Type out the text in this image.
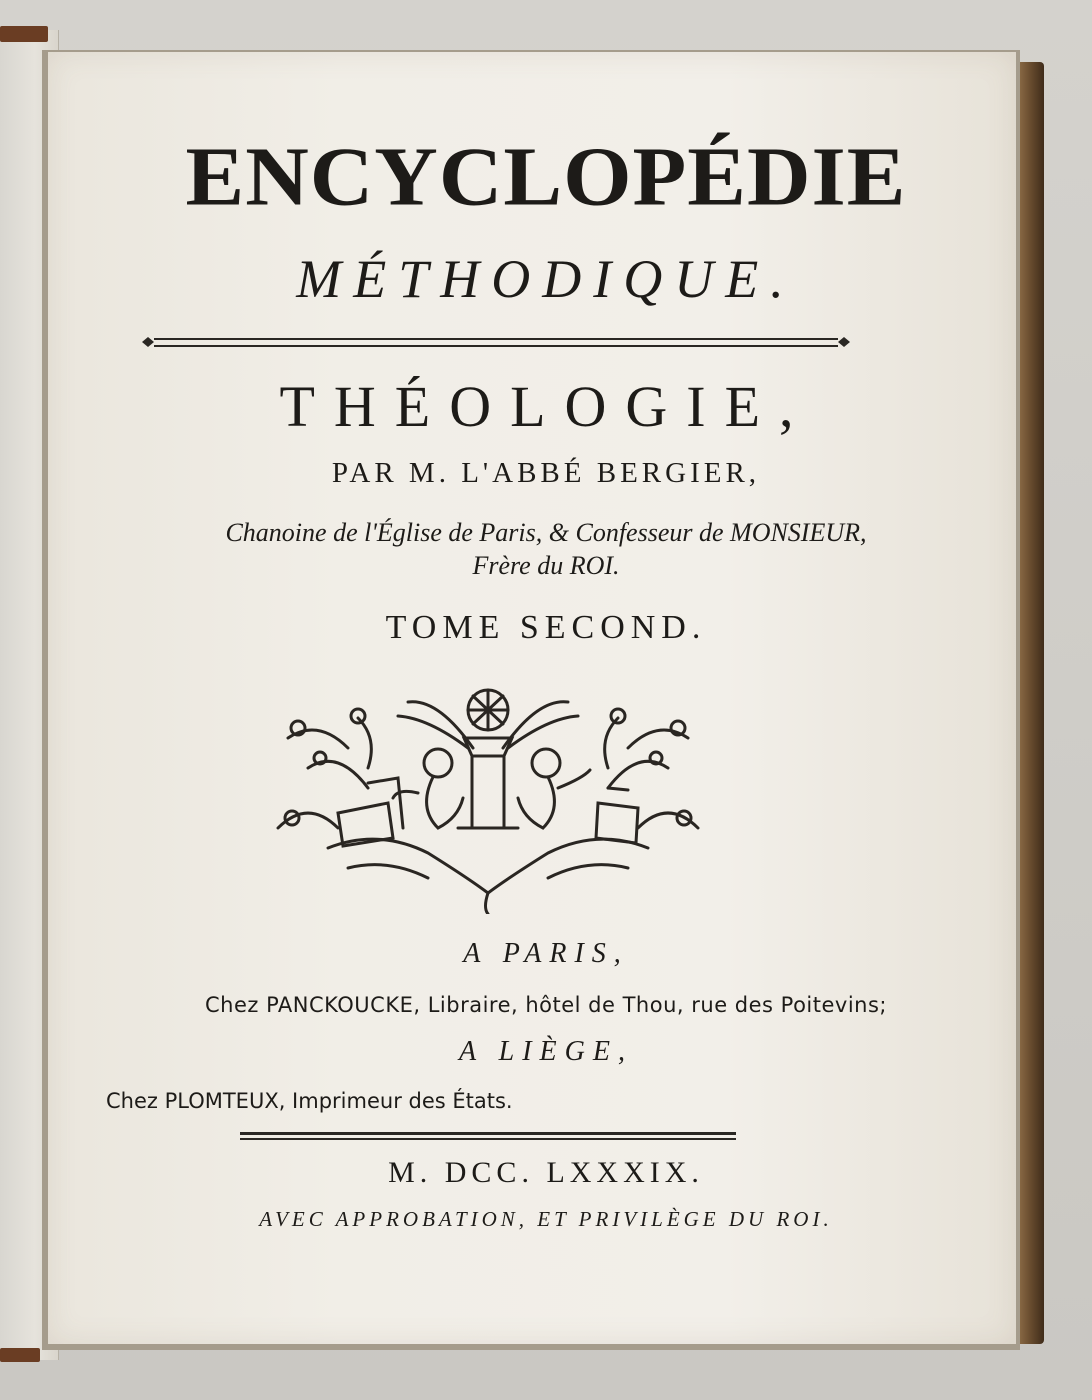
ENCYCLOPÉDIE
MÉTHODIQUE.
THÉOLOGIE,
PAR M. L'ABBÉ BERGIER,
Chanoine de l'Église de Paris, & Confesseur de MONSIEUR,
Frère du ROI.
TOME SECOND.
A PARIS,
Chez PANCKOUCKE, Libraire, hôtel de Thou, rue des Poitevins;
A LIÈGE,
Chez PLOMTEUX, Imprimeur des États.
M. DCC. LXXXIX.
AVEC APPROBATION, ET PRIVILÈGE DU ROI.
